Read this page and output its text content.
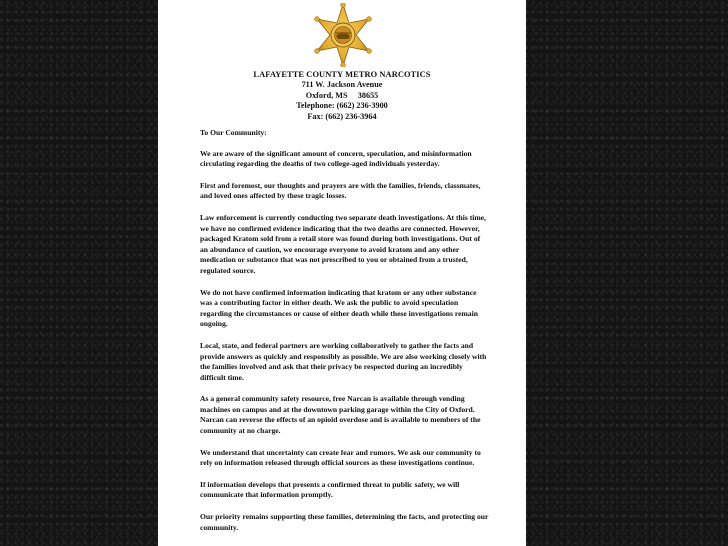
LAFAYETTE COUNTY METRO NARCOTICS
711 W. Jackson Avenue
Oxford, MS     38655
Telephone: (662) 236-3900
Fax: (662) 236-3964

To Our Community:

We are aware of the significant amount of concern, speculation, and misinformation circulating regarding the deaths of two college-aged individuals yesterday.

First and foremost, our thoughts and prayers are with the families, friends, classmates, and loved ones affected by these tragic losses.

Law enforcement is currently conducting two separate death investigations. At this time, we have no confirmed evidence indicating that the two deaths are connected. However, packaged Kratom sold from a retail store was found during both investigations. Out of an abundance of caution, we encourage everyone to avoid kratom and any other medication or substance that was not prescribed to you or obtained from a trusted, regulated source.

We do not have confirmed information indicating that kratom or any other substance was a contributing factor in either death. We ask the public to avoid speculation regarding the circumstances or cause of either death while these investigations remain ongoing.

Local, state, and federal partners are working collaboratively to gather the facts and provide answers as quickly and responsibly as possible. We are also working closely with the families involved and ask that their privacy be respected during an incredibly difficult time.

As a general community safety resource, free Narcan is available through vending machines on campus and at the downtown parking garage within the City of Oxford. Narcan can reverse the effects of an opioid overdose and is available to members of the community at no charge.

We understand that uncertainty can create fear and rumors. We ask our community to rely on information released through official sources as these investigations continue.

If information develops that presents a confirmed threat to public safety, we will communicate that information promptly.

Our priority remains supporting these families, determining the facts, and protecting our community.
